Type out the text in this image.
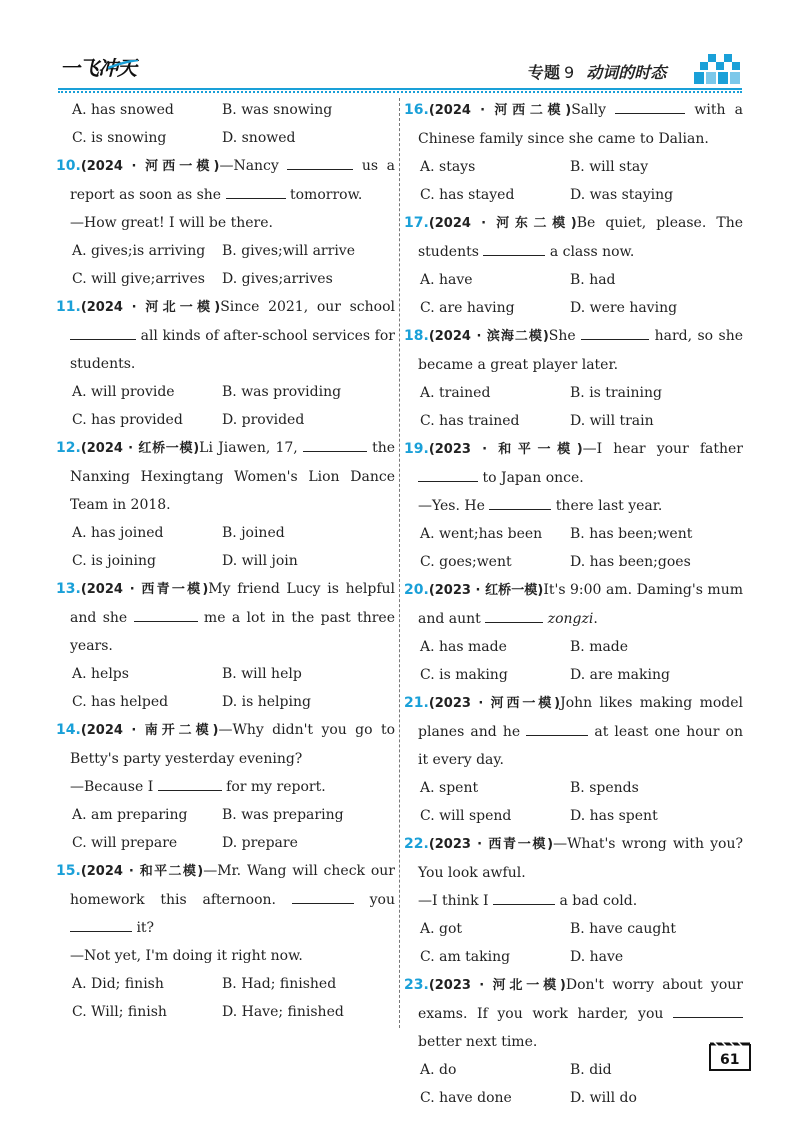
一飞冲天	专题 9 动词的时态
A. has snowed	B. was snowing
C. is snowing	D. snowed

10.(2024 · 河西一模)—Nancy	us a report as soon as she	tomorrow.
—How great! I will be there.

A. gives;is arriving	B. gives;will arrive
C. will give;arrives	D. gives;arrives

11.(2024 · 河北一模)Since 2021, our school  all kinds of after-school services for students.

A. will provide	B. was providing
C. has provided	D. provided

12.(2024 · 红桥一模)Li Jiawen, 17,	the Nanxing Hexingtang Women's Lion Dance Team in 2018.

A. has joined	B. joined
C. is joining	D. will join

13.(2024 · 西青一模)My friend Lucy is helpful and she	me a lot in the past three years.

A. helps	B. will help
C. has helped	D. is helping

14.(2024 · 南开二模)—Why didn't you go to Betty's party yesterday evening?
—Because I	for my report.

A. am preparing	B. was preparing
C. will prepare	D. prepare

15.(2024 · 和平二模)—Mr. Wang will check our homework this afternoon.	you  it?
—Not yet, I'm doing it right now.

A. Did; finish	B. Had; finished
C. Will; finish	D. Have; finished

16.(2024 · 河西二模)Sally	with a Chinese family since she came to Dalian.

A. stays	B. will stay
C. has stayed	D. was staying

17.(2024 · 河东二模)Be quiet, please. The students	a class now.

A. have	B. had
C. are having	D. were having

18.(2024 · 滨海二模)She	hard, so she became a great player later.

A. trained	B. is training
C. has trained	D. will train

19.(2023 · 和平一模)—I hear your father  to Japan once.
—Yes. He	there last year.

A. went;has been	B. has been;went
C. goes;went	D. has been;goes

20.(2023 · 红桥一模)It's 9:00 am. Daming's mum and aunt	zongzi.

A. has made	B. made
C. is making	D. are making

21.(2023 · 河西一模)John likes making model planes and he	at least one hour on it every day.

A. spent	B. spends
C. will spend	D. has spent

22.(2023 · 西青一模)—What's wrong with you? You look awful.
—I think I	a bad cold.

A. got	B. have caught
C. am taking	D. have

23.(2023 · 河北一模)Don't worry about your exams. If you work harder, you  better next time.

A. do	B. did
C. have done	D. will do
61
